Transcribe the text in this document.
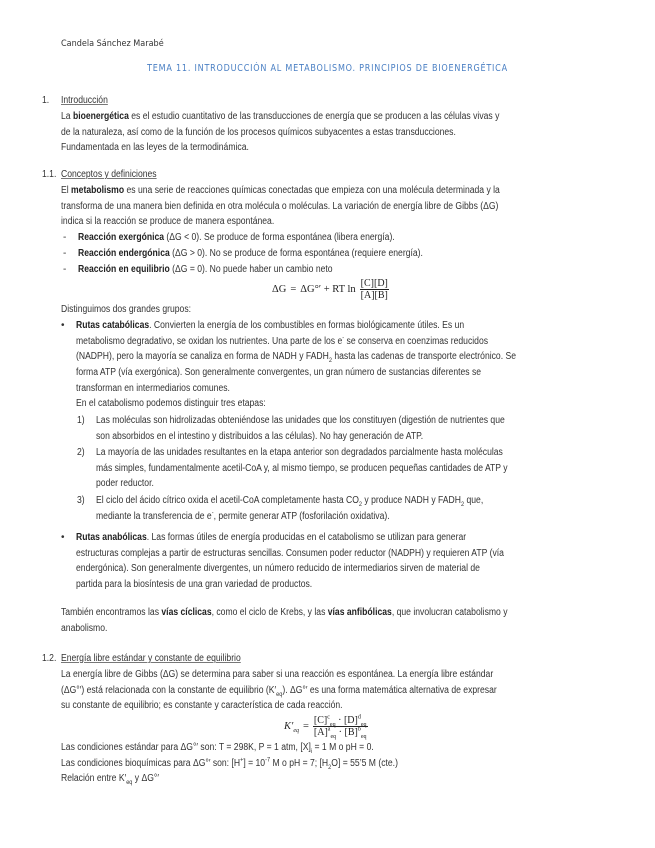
Candela Sánchez Marabé
TEMA 11. INTRODUCCIÓN AL METABOLISMO. PRINCIPIOS DE BIOENERGÉTICA
1. Introducción
La bioenergética es el estudio cuantitativo de las transducciones de energía que se producen a las células vivas y
de la naturaleza, así como de la función de los procesos químicos subyacentes a estas transducciones.
Fundamentada en las leyes de la termodinámica.
1.1. Conceptos y definiciones
El metabolismo es una serie de reacciones químicas conectadas que empieza con una molécula determinada y la
transforma de una manera bien definida en otra molécula o moléculas. La variación de energía libre de Gibbs (ΔG)
indica si la reacción se produce de manera espontánea.
- Reacción exergónica (ΔG < 0). Se produce de forma espontánea (libera energía).
- Reacción endergónica (ΔG > 0). No se produce de forma espontánea (requiere energía).
- Reacción en equilibrio (ΔG = 0). No puede haber un cambio neto
ΔG = ΔG°′ + RT $\ln \frac{[C][D]}{[A][B]}$
Distinguimos dos grandes grupos:
• Rutas catabólicas. Convierten la energía de los combustibles en formas biológicamente útiles. Es un
metabolismo degradativo, se oxidan los nutrientes. Una parte de los e- se conserva en coenzimas reducidos
(NADPH), pero la mayoría se canaliza en forma de NADH y $FADH_2$ hasta las cadenas de transporte electrónico. Se
forma ATP (vía exergónica). Son generalmente convergentes, un gran número de sustancias diferentes se
transforman en intermediarios comunes.
En el catabolismo podemos distinguir tres etapas:
1) Las moléculas son hidrolizadas obteniéndose las unidades que los constituyen (digestión de nutrientes que
son absorbidos en el intestino y distribuidos a las células). No hay generación de ATP.
2) La mayoría de las unidades resultantes en la etapa anterior son degradados parcialmente hasta moléculas
más simples, fundamentalmente acetil-CoA y, al mismo tiempo, se producen pequeñas cantidades de ATP y
poder reductor.
3) El ciclo del ácido cítrico oxida el acetil-CoA completamente hasta $CO_2$ y produce NADH y $FADH_2$ que,
mediante la transferencia de e-, permite generar ATP (fosforilación oxidativa).
• Rutas anabólicas. Las formas útiles de energía producidas en el catabolismo se utilizan para generar
estructuras complejas a partir de estructuras sencillas. Consumen poder reductor (NADPH) y requieren ATP (vía
endergónica). Son generalmente divergentes, un número reducido de intermediarios sirven de material de
partida para la biosíntesis de una gran variedad de productos.
También encontramos las vías cíclicas, como el ciclo de Krebs, y las vías anfibólicas, que involucran catabolismo y
anabolismo.
1.2. Energía libre estándar y constante de equilibrio
La energía libre de Gibbs (ΔG) se determina para saber si una reacción es espontánea. La energía libre estándar
(ΔG°′) está relacionada con la constante de equilibrio $(K'_{eq})$. ΔG°′ es una forma matemática alternativa de expresar
su constante de equilibrio; es constante y característica de cada reacción.
$K'_{eq} = \frac{[C]^c_{eq} \cdot [D]^d_{eq}}{[A]^a_{eq} \cdot [B]^b_{eq}}$
Las condiciones estándar para ΔG°′ son: T = 298K, P = 1 atm, $[X]_i = 1$ M o pH = 0.
Las condiciones bioquímicas para ΔG°′ son: $[H^+] = 10^{-7}$ M o pH = 7; $[H_2O]$ = 55’5 M (cte.)
Relación entre $K'_{eq}$ y ΔG°′
